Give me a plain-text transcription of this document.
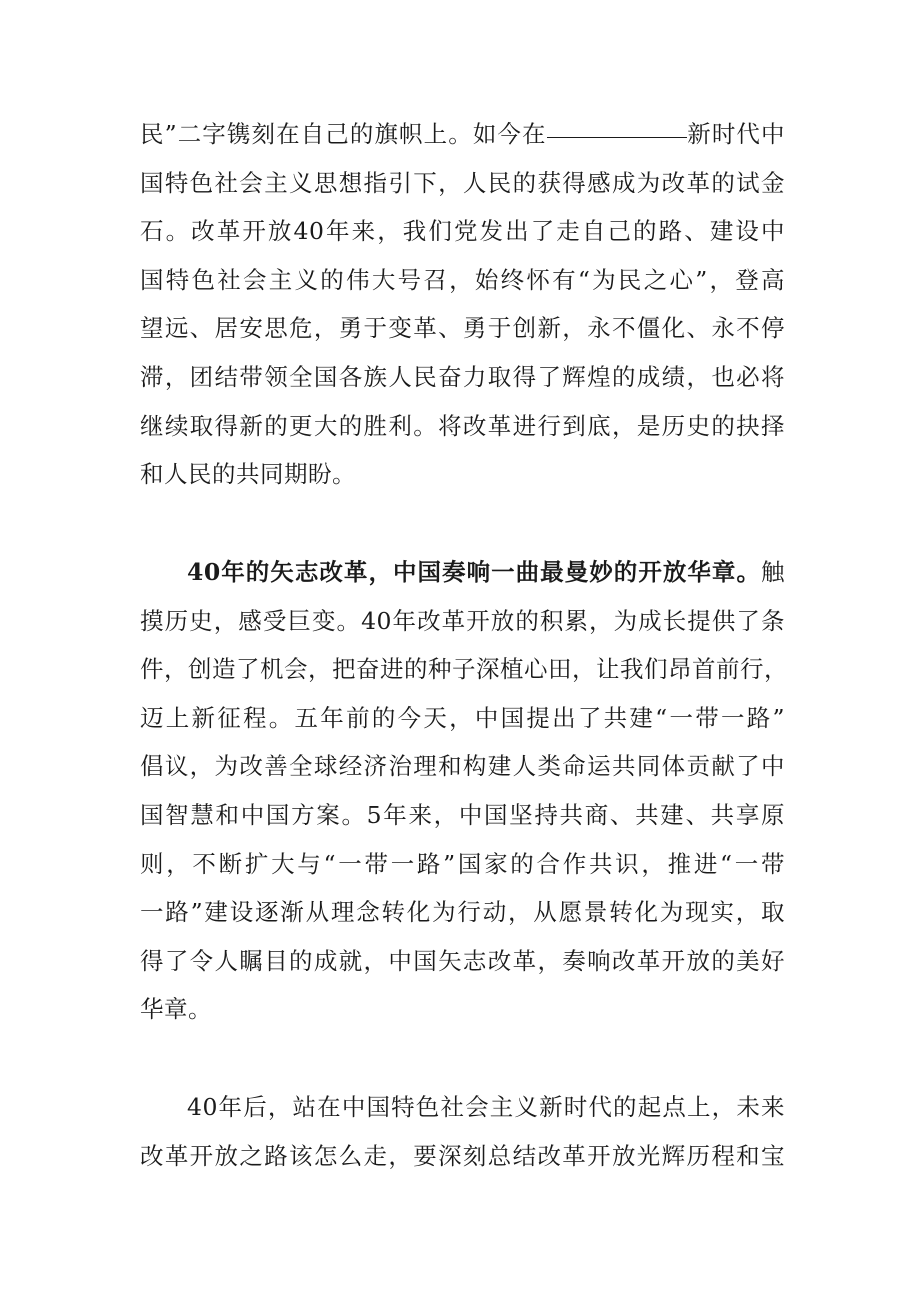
民”二字镌刻在自己的旗帜上。如今在	新时代中
国特色社会主义思想指引下，人民的获得感成为改革的试金
石。改革开放40年来，我们党发出了走自己的路、建设中
国特色社会主义的伟大号召，始终怀有“为民之心”，登高
望远、居安思危，勇于变革、勇于创新，永不僵化、永不停
滞，团结带领全国各族人民奋力取得了辉煌的成绩，也必将
继续取得新的更大的胜利。将改革进行到底，是历史的抉择
和人民的共同期盼。
40年的矢志改革，中国奏响一曲最曼妙的开放华章。触
摸历史，感受巨变。40年改革开放的积累，为成长提供了条
件，创造了机会，把奋进的种子深植心田，让我们昂首前行，
迈上新征程。五年前的今天，中国提出了共建“一带一路”
倡议，为改善全球经济治理和构建人类命运共同体贡献了中
国智慧和中国方案。5年来，中国坚持共商、共建、共享原
则，不断扩大与“一带一路”国家的合作共识，推进“一带
一路”建设逐渐从理念转化为行动，从愿景转化为现实，取
得了令人瞩目的成就，中国矢志改革，奏响改革开放的美好
华章。
40年后，站在中国特色社会主义新时代的起点上，未来
改革开放之路该怎么走，要深刻总结改革开放光辉历程和宝
